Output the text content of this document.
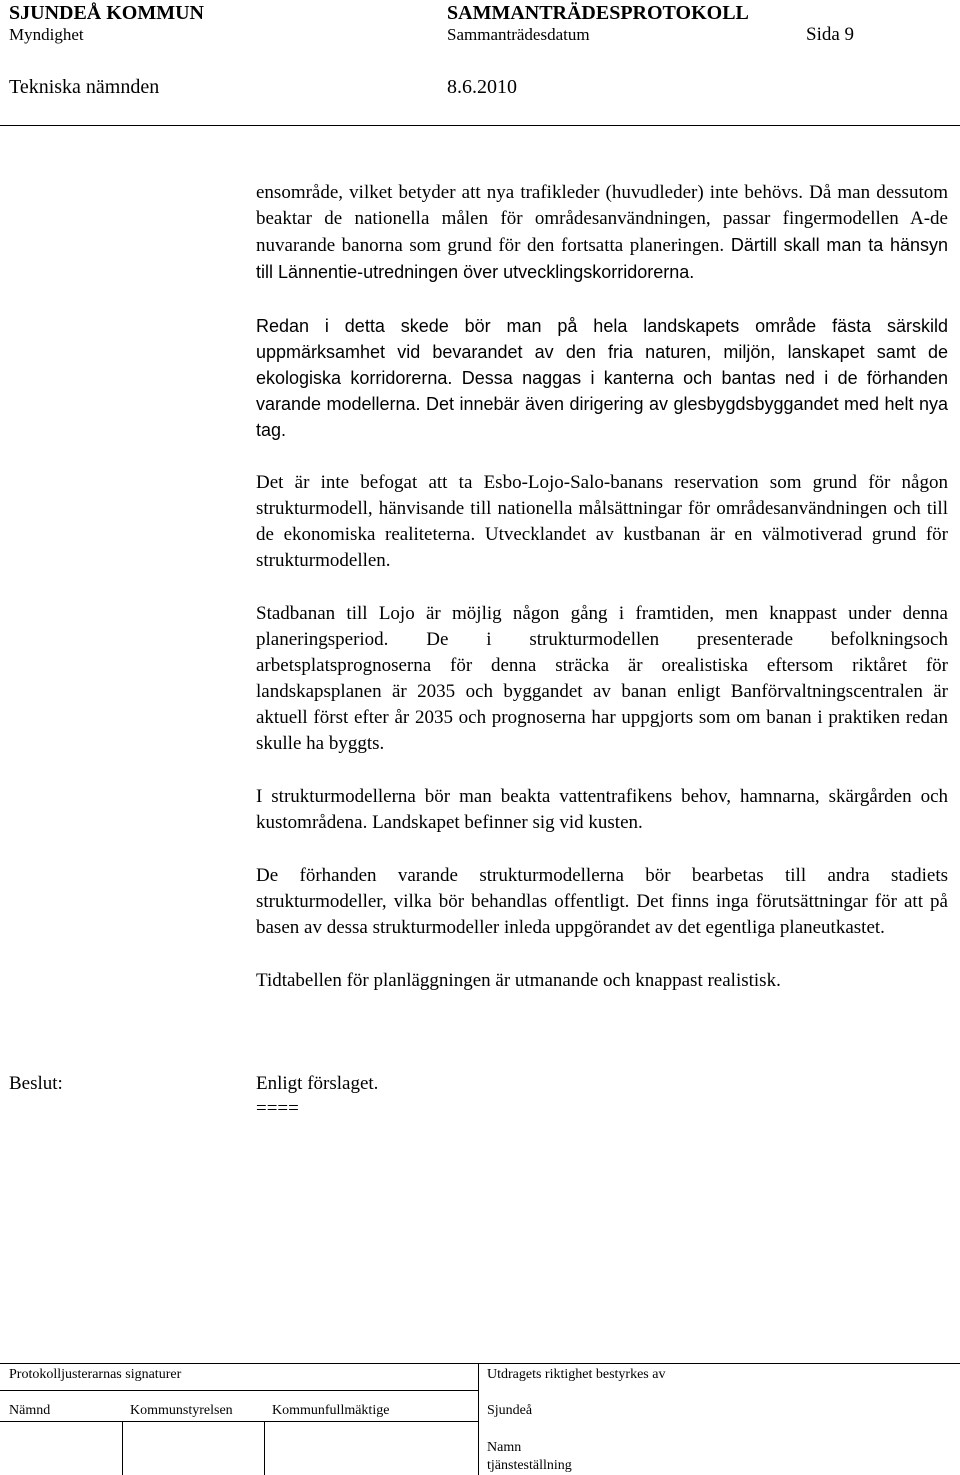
SJUNDEÅ KOMMUN	SAMMANTRÄDESPROTOKOLL
Myndighet	Sammanträdesdatum	Sida 9
Tekniska nämnden	8.6.2010

ensområde, vilket betyder att nya trafikleder (huvudleder) inte behövs. Då man dessutom beaktar de nationella målen för områdesanvändningen, passar fingermodellen A-de nuvarande banorna som grund för den fortsatta planeringen. Därtill skall man ta hänsyn till Lännentie-utredningen över utvecklingskorridorerna.

Redan i detta skede bör man på hela landskapets område fästa särskild uppmärksamhet vid bevarandet av den fria naturen, miljön, lanskapet samt de ekologiska korridorerna. Dessa naggas i kanterna och bantas ned i de förhanden varande modellerna. Det innebär även dirigering av glesbygdsbyggandet med helt nya tag.

Det är inte befogat att ta Esbo-Lojo-Salo-banans reservation som grund för någon strukturmodell, hänvisande till nationella målsättningar för områdesanvändningen och till de ekonomiska realiteterna. Utvecklandet av kustbanan är en välmotiverad grund för strukturmodellen.

Stadbanan till Lojo är möjlig någon gång i framtiden, men knappast under denna planeringsperiod. De i strukturmodellen presenterade befolkningsoch arbetsplatsprognoserna för denna sträcka är orealistiska eftersom riktåret för landskapsplanen är 2035 och byggandet av banan enligt Banförvaltningscentralen är aktuell först efter år 2035 och prognoserna har uppgjorts som om banan i praktiken redan skulle ha byggts.

I strukturmodellerna bör man beakta vattentrafikens behov, hamnarna, skärgården och kustområdena. Landskapet befinner sig vid kusten.

De förhanden varande strukturmodellerna bör bearbetas till andra stadiets strukturmodeller, vilka bör behandlas offentligt. Det finns inga förutsättningar för att på basen av dessa strukturmodeller inleda uppgörandet av det egentliga planeutkastet.

Tidtabellen för planläggningen är utmanande och knappast realistisk.

Beslut:	Enligt förslaget.
====
Protokolljusterarnas signaturer	Utdragets riktighet bestyrkes av
Nämnd	Kommunstyrelsen	Kommunfullmäktige	Sjundeå
Namn
tjänsteställning
